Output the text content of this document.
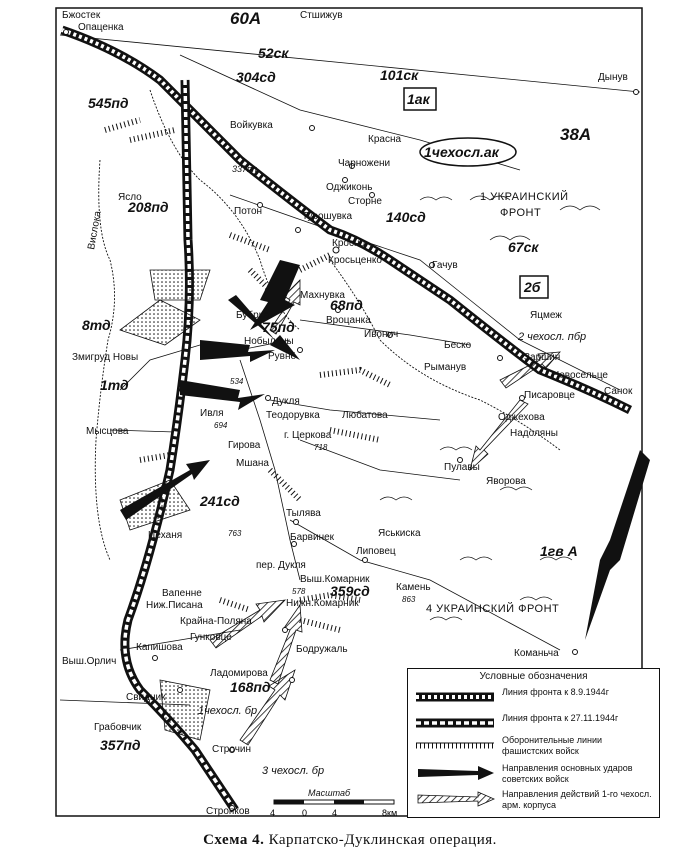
Бжостек
Опаценка
Стшижув
Дынув
Войкувка
Красна
Чарножени
Оджиконь
Сторне
Ясло
Потон	Турошувка
Кросно
Кросьценко	Гачув
Яцмеж
Махнувка
Вроцанка
Ивонич
Бубрка
Нобыляны
Рувнё
Змигруд Новы
Беско
Заршин
Рыманув
Новосельце
Санок
Писаровце
Дукля
Теодорувка Любатова	Оджехова
Надоляны
Мысцова
Ивля
г. Церкова
Гирова
Мшана	Пулавы
Яворова
Тылява
Барвинек	Яськиска
Липовец
Цеханя
пер. Дукля
Вапенне
Выш.Комарник
Нижн.Комарник
Камень
Ниж.Писана
Крайна-Поляна
Гунковце
Капишова	Бодружаль
Выш.Орлич
Команьча
Ладомирова
Свидник
Грабовчик
Строчин
Стропков
Вислока
534
694
718
578
763
863
60А
52ск
101ск
1ак
545пд
304сд
38А
1чехосл.ак
337пп
208пд
140сд
67ск
2б
8тд	75пд
68пд
2 чехосл. пбр
1тд
241сд
359сд
1гв А
168пд
1чехосл. бр
357пд
3 чехосл. бр
1 УКРАИНСКИЙ
ФРОНТ
4 УКРАИНСКИЙ ФРОНТ
Условные обозначения
Линия фронта к 8.9.1944г
Линия фронта к 27.11.1944г
Оборонительные линии фашистских войск
Направления основных ударов советских войск
Направления действий 1-го чехосл. арм. корпуса
Масштаб
4	0	4	8км
Схема 4. Карпатско-Дуклинская операция.
